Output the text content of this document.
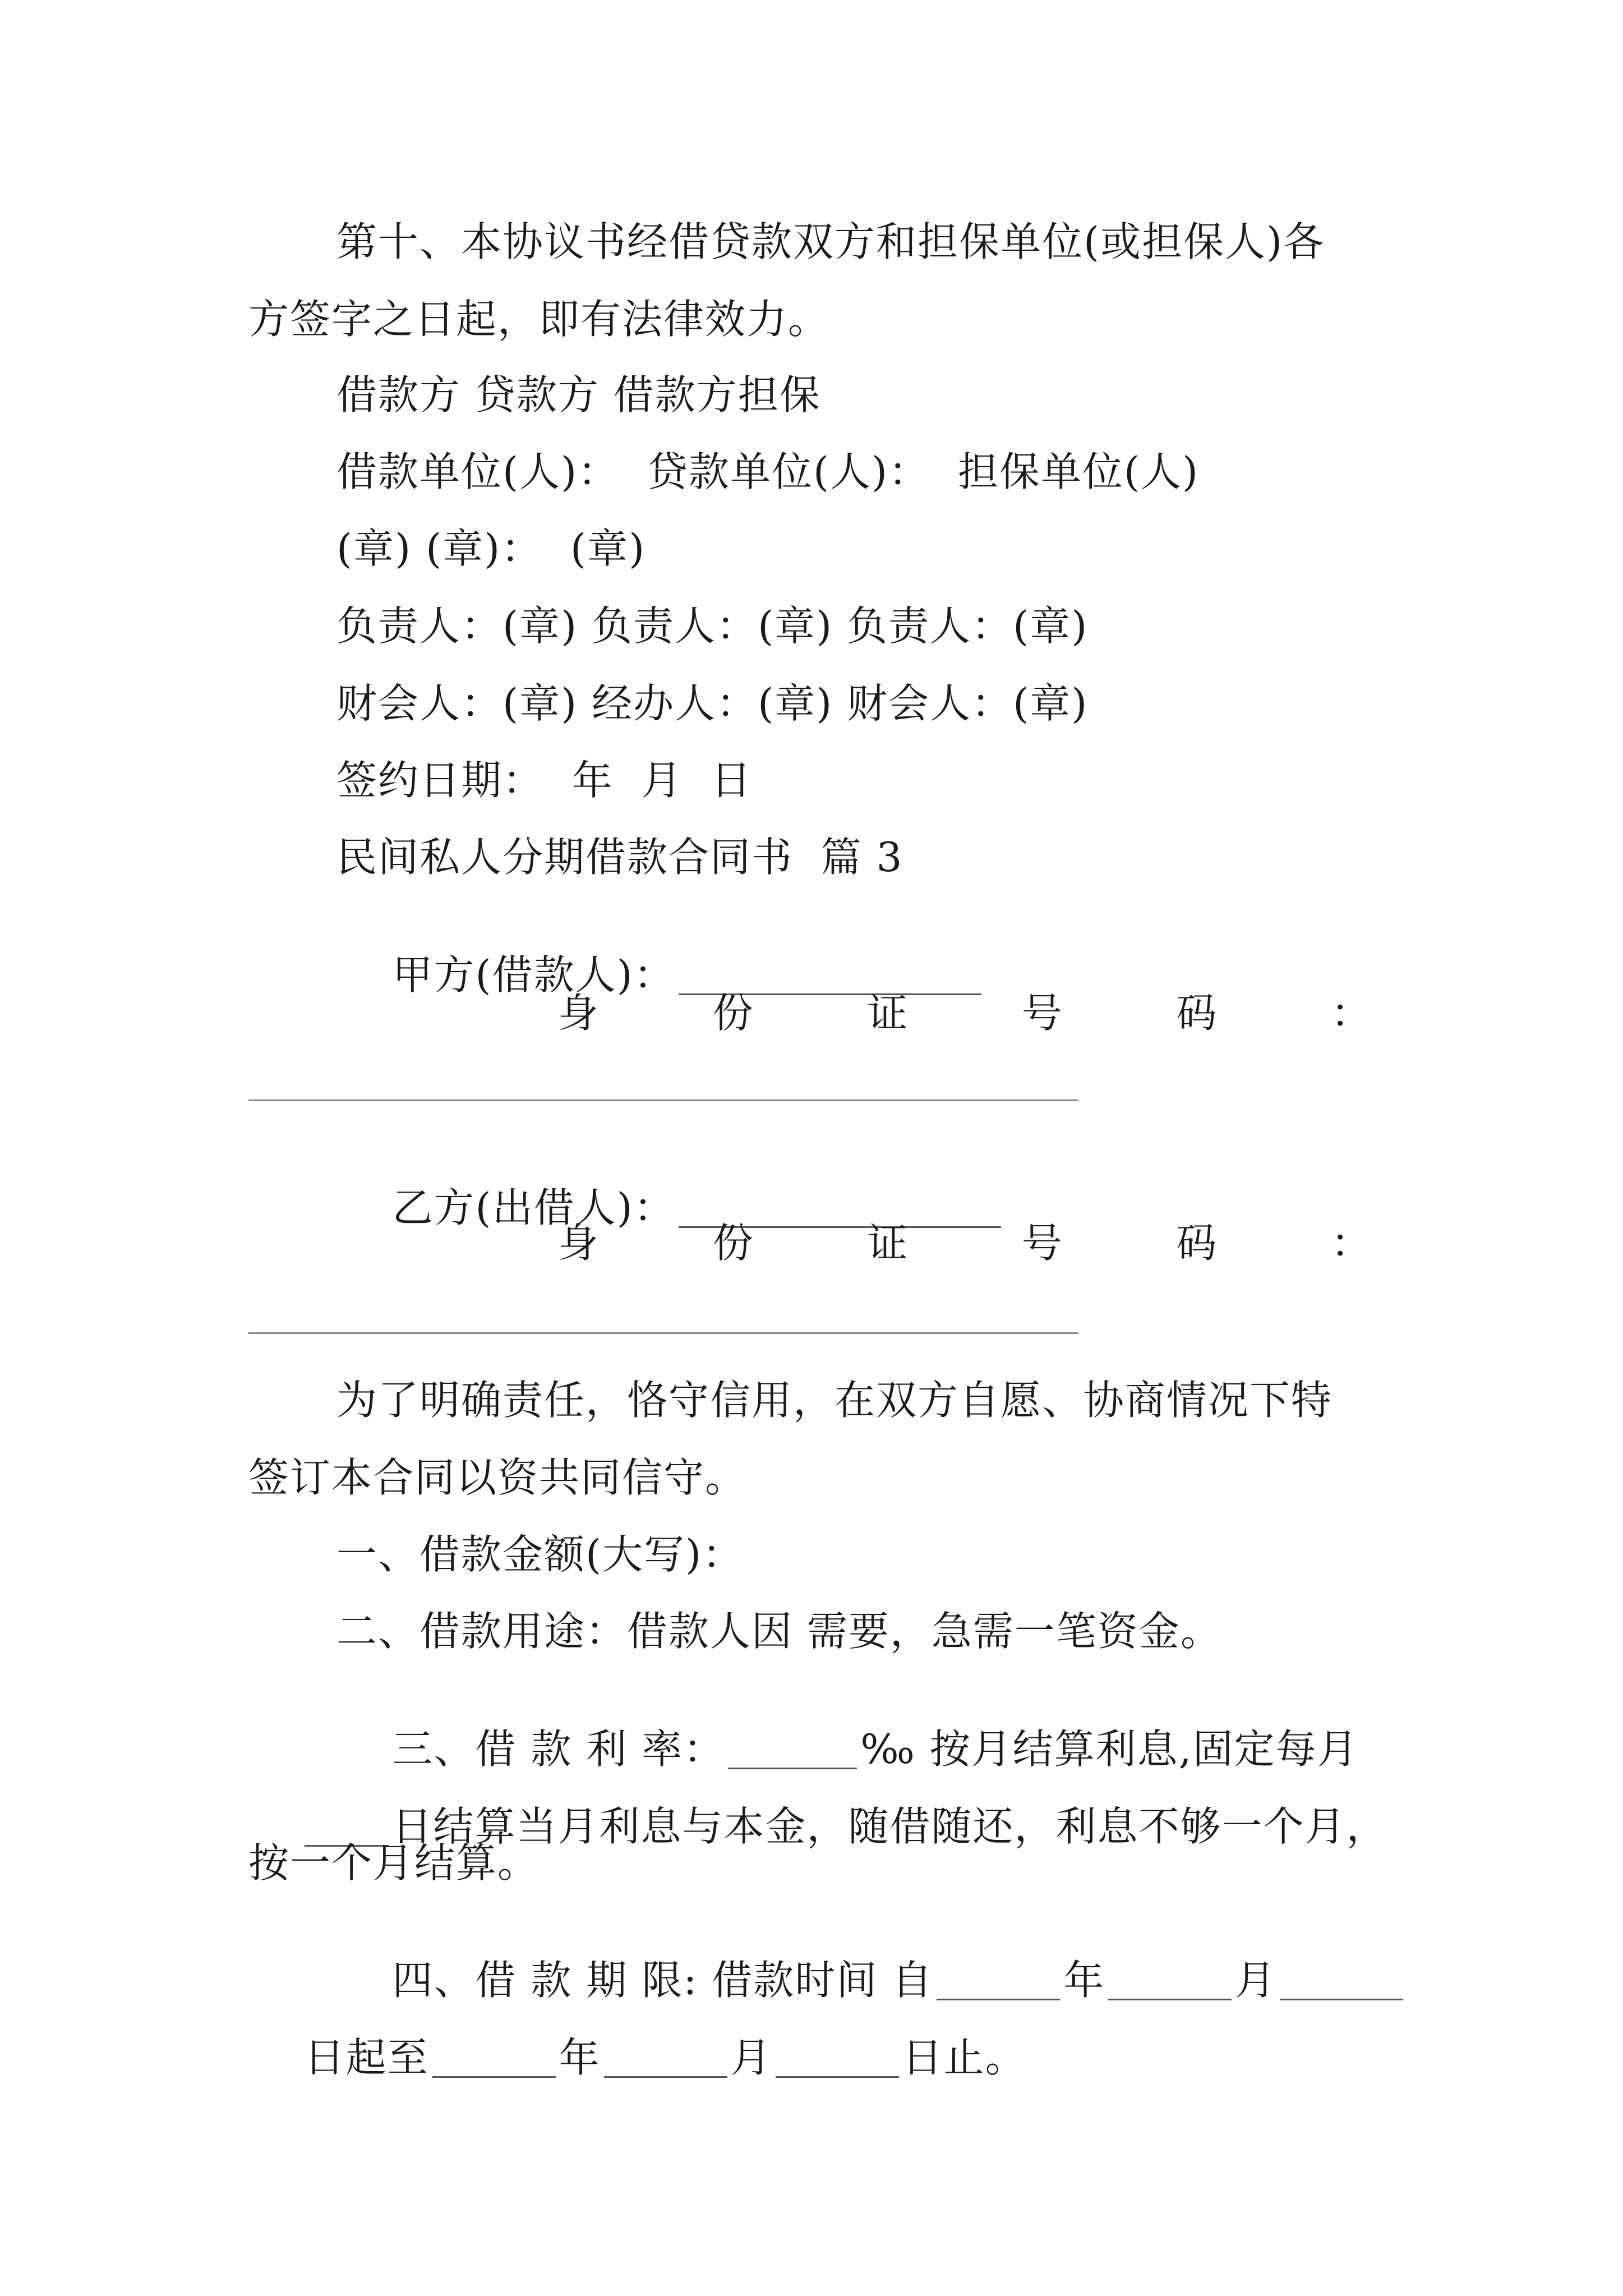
第十、本协议书经借贷款双方和担保单位(或担保人)各
方签字之日起，即有法律效力。
借款方 贷款方 借款方担保
借款单位(人)：  贷款单位(人)：  担保单位(人)
(章) (章)：  (章)
负责人：(章) 负责人：(章) 负责人：(章)
财会人：(章) 经办人：(章) 财会人：(章)
签约日期：  年  月  日
民间私人分期借款合同书  篇 3

甲方(借款人)：

身	份	证	号	码	：

乙方(出借人)：

身	份	证	号	码	：
为了明确责任，恪守信用，在双方自愿、协商情况下特
签订本合同以资共同信守。
一、借款金额(大写)：
二、借款用途：借款人因 需要，急需一笔资金。

三、借 款 利 率：	‰ 按月结算利息,固定每月

日结算当月利息与本金，随借随还，利息不够一个月，

按一个月结算。

四、借 款 期 限: 借款时间 自	年	月

日起至	年	月	日止。
